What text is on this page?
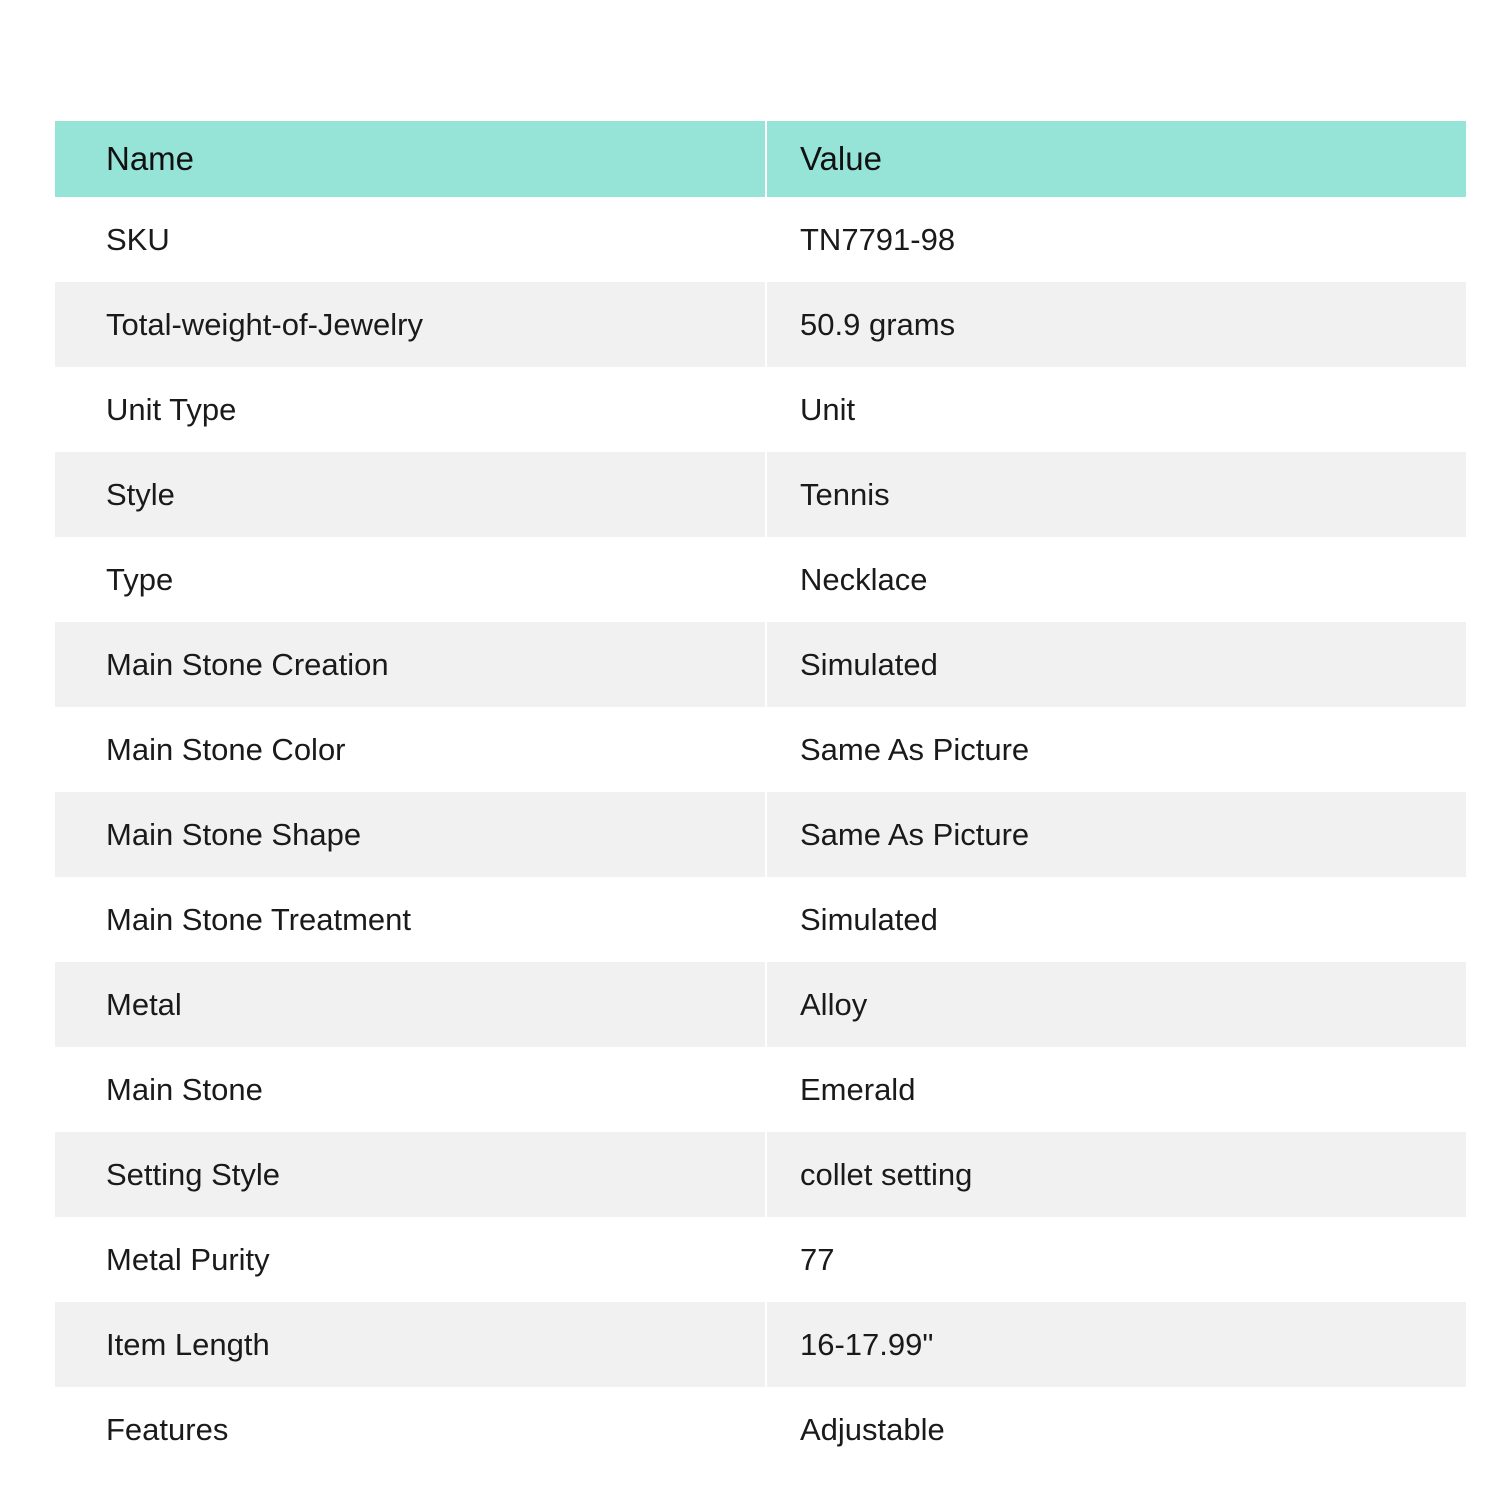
Name	Value
SKU	TN7791-98
Total-weight-of-Jewelry	50.9 grams
Unit Type	Unit
Style	Tennis
Type	Necklace
Main Stone Creation	Simulated
Main Stone Color	Same As Picture
Main Stone Shape	Same As Picture
Main Stone Treatment	Simulated
Metal	Alloy
Main Stone	Emerald
Setting Style	collet setting
Metal Purity	77
Item Length	16-17.99"
Features	Adjustable
